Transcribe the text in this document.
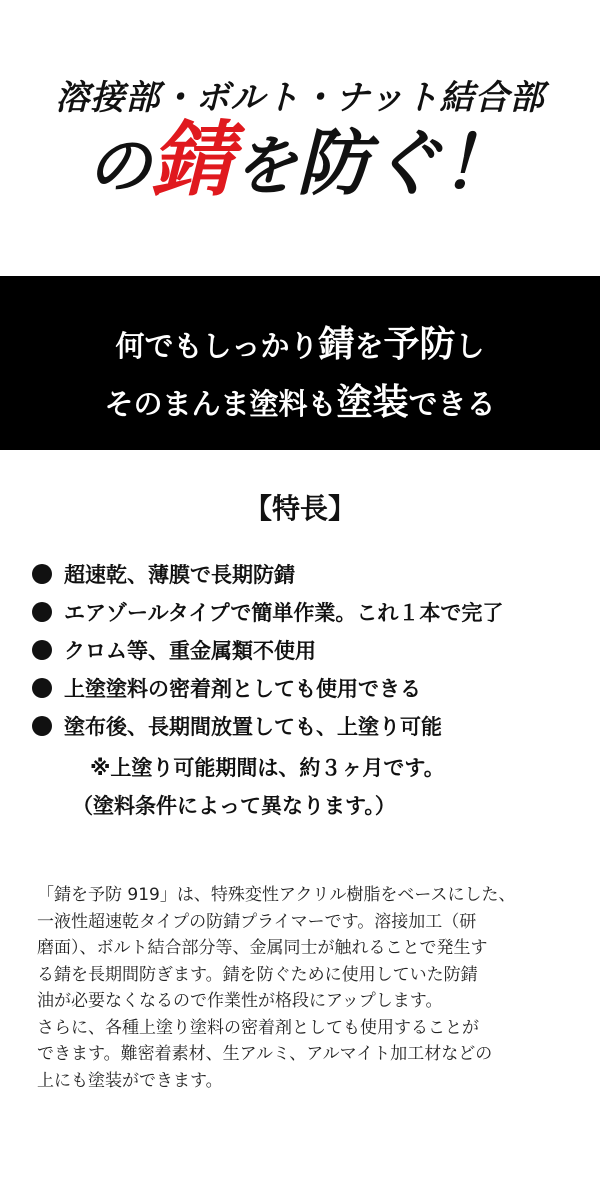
溶接部・ボルト・ナット結合部
の錆を防ぐ！
何でもしっかり錆を予防し
そのまんま塗料も塗装できる
【特長】
超速乾、薄膜で長期防錆
エアゾールタイプで簡単作業。これ１本で完了
クロム等、重金属類不使用
上塗塗料の密着剤としても使用できる
塗布後、長期間放置しても、上塗り可能
※上塗り可能期間は、約３ヶ月です。
（塗料条件によって異なります。）
「錆を予防 919」は、特殊変性アクリル樹脂をベースにした、
一液性超速乾タイプの防錆プライマーです。溶接加工（研
磨面）、ボルト結合部分等、金属同士が触れることで発生す
る錆を長期間防ぎます。錆を防ぐために使用していた防錆
油が必要なくなるので作業性が格段にアップします。
さらに、各種上塗り塗料の密着剤としても使用することが
できます。難密着素材、生アルミ、アルマイト加工材などの
上にも塗装ができます。
